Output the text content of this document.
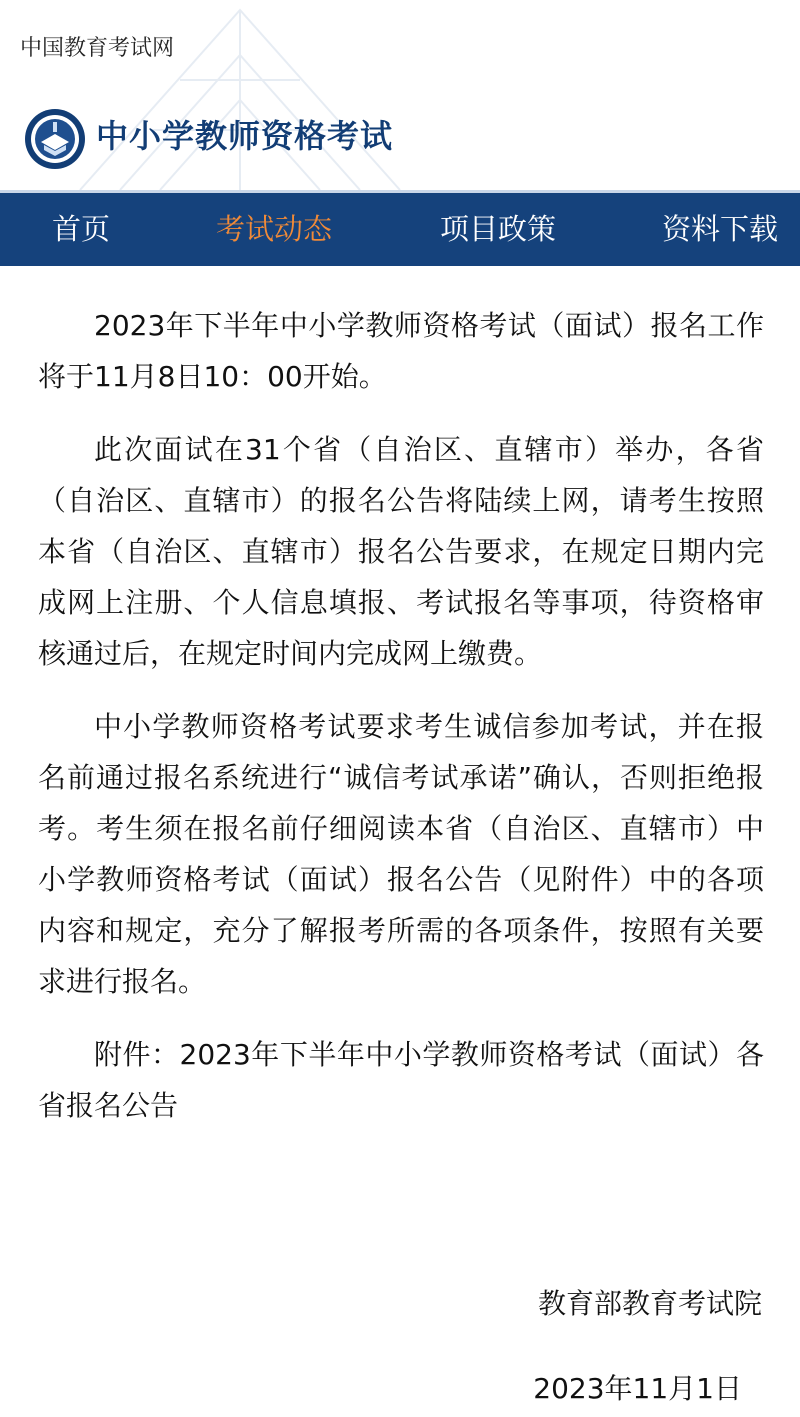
中国教育考试网
中小学教师资格考试
首页	考试动态	项目政策	资料下载

2023年下半年中小学教师资格考试（面试）报名工作将于11月8日10：00开始。

此次面试在31个省（自治区、直辖市）举办，各省（自治区、直辖市）的报名公告将陆续上网，请考生按照本省（自治区、直辖市）报名公告要求，在规定日期内完成网上注册、个人信息填报、考试报名等事项，待资格审核通过后，在规定时间内完成网上缴费。

中小学教师资格考试要求考生诚信参加考试，并在报名前通过报名系统进行“诚信考试承诺”确认，否则拒绝报考。考生须在报名前仔细阅读本省（自治区、直辖市）中小学教师资格考试（面试）报名公告（见附件）中的各项内容和规定，充分了解报考所需的各项条件，按照有关要求进行报名。

附件：2023年下半年中小学教师资格考试（面试）各省报名公告

教育部教育考试院
2023年11月1日
